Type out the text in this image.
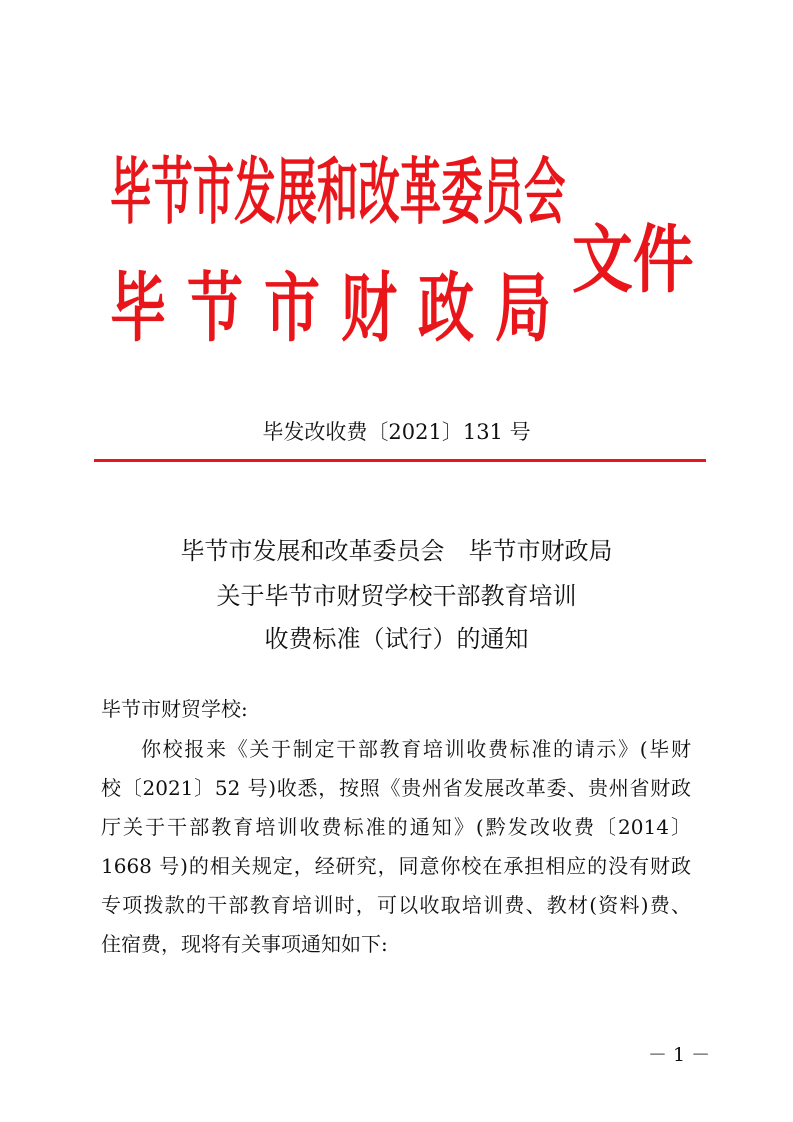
毕节市发展和改革委员会
毕节市财政局
文件
毕发改收费〔2021〕131 号
毕节市发展和改革委员会　毕节市财政局
关于毕节市财贸学校干部教育培训
收费标准（试行）的通知
毕节市财贸学校:
你校报来《关于制定干部教育培训收费标准的请示》(毕财
校〔2021〕52 号)收悉，按照《贵州省发展改革委、贵州省财政
厅关于干部教育培训收费标准的通知》(黔发改收费〔2014〕
1668 号)的相关规定，经研究，同意你校在承担相应的没有财政
专项拨款的干部教育培训时，可以收取培训费、教材(资料)费、
住宿费，现将有关事项通知如下:
－ 1 －
